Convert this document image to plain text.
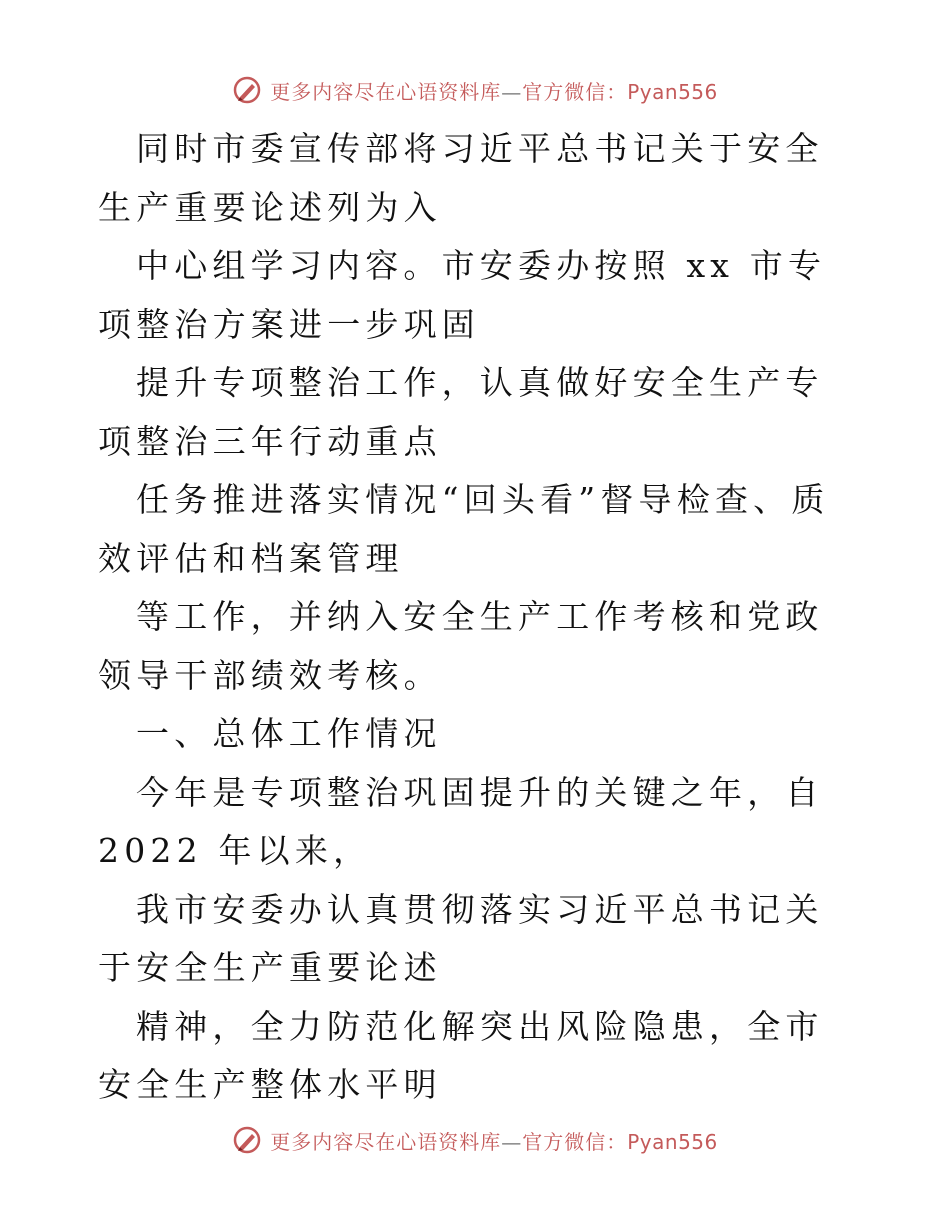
更多内容尽在心语资料库—官方微信：Pyan556

同时市委宣传部将习近平总书记关于安全生产重要论述列为入

中心组学习内容。市安委办按照 xx 市专项整治方案进一步巩固

提升专项整治工作，认真做好安全生产专项整治三年行动重点

任务推进落实情况“回头看”督导检查、质效评估和档案管理

等工作，并纳入安全生产工作考核和党政领导干部绩效考核。

一、总体工作情况

今年是专项整治巩固提升的关键之年，自 2022 年以来，

我市安委办认真贯彻落实习近平总书记关于安全生产重要论述

精神，全力防范化解突出风险隐患，全市安全生产整体水平明

更多内容尽在心语资料库—官方微信：Pyan556
